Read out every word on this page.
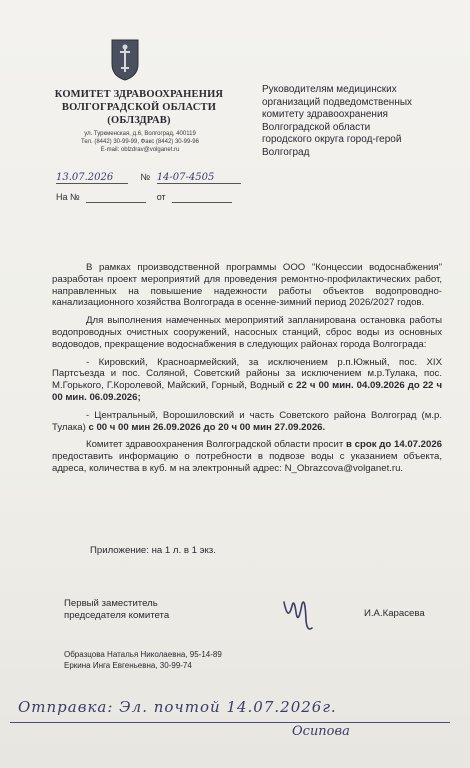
КОМИТЕТ ЗДРАВООХРАНЕНИЯ
ВОЛГОГРАДСКОЙ ОБЛАСТИ
(ОБЛЗДРАВ)
ул. Туркменская, д.6, Волгоград, 400119
Тел. (8442) 30-99-99, Факс (8442) 30-99-96
E-mail: oblzdrav@volganet.ru
Руководителям медицинских
организаций подведомственных
комитету здравоохранения
Волгоградской области
городского округа город-герой
Волгоград
13.07.2026	№ 14-07-4505
На №	от

В рамках производственной программы ООО "Концессии водоснабжения" разработан проект мероприятий для проведения ремонтно-профилактических работ, направленных на повышение надежности работы объектов водопроводно-канализационного хозяйства Волгограда в осенне-зимний период 2026/2027 годов.

Для выполнения намеченных мероприятий запланирована остановка работы водопроводных очистных сооружений, насосных станций, сброс воды из основных водоводов, прекращение водоснабжения в следующих районах города Волгограда:

- Кировский, Красноармейский, за исключением р.п.Южный, пос. XIX Партсъезда и пос. Соляной, Советский районы за исключением м.р.Тулака, пос. М.Горького, Г.Королевой, Майский, Горный, Водный с 22 ч 00 мин. 04.09.2026 до 22 ч 00 мин. 06.09.2026;

- Центральный, Ворошиловский и часть Советского района Волгоград (м.р. Тулака) с 00 ч 00 мин 26.09.2026 до 20 ч 00 мин 27.09.2026.

Комитет здравоохранения Волгоградской области просит в срок до 14.07.2026 предоставить информацию о потребности в подвозе воды с указанием объекта, адреса, количества в куб. м на электронный адрес: N_Obrazcova@volganet.ru.

Приложение: на 1 л. в 1 экз.
Первый заместитель
председателя комитета	И.А.Карасева
Образцова Наталья Николаевна, 95-14-89
Еркина Инга Евгеньевна, 30-99-74
Отправка: Эл. почтой 14.07.2026г.
Осипова
